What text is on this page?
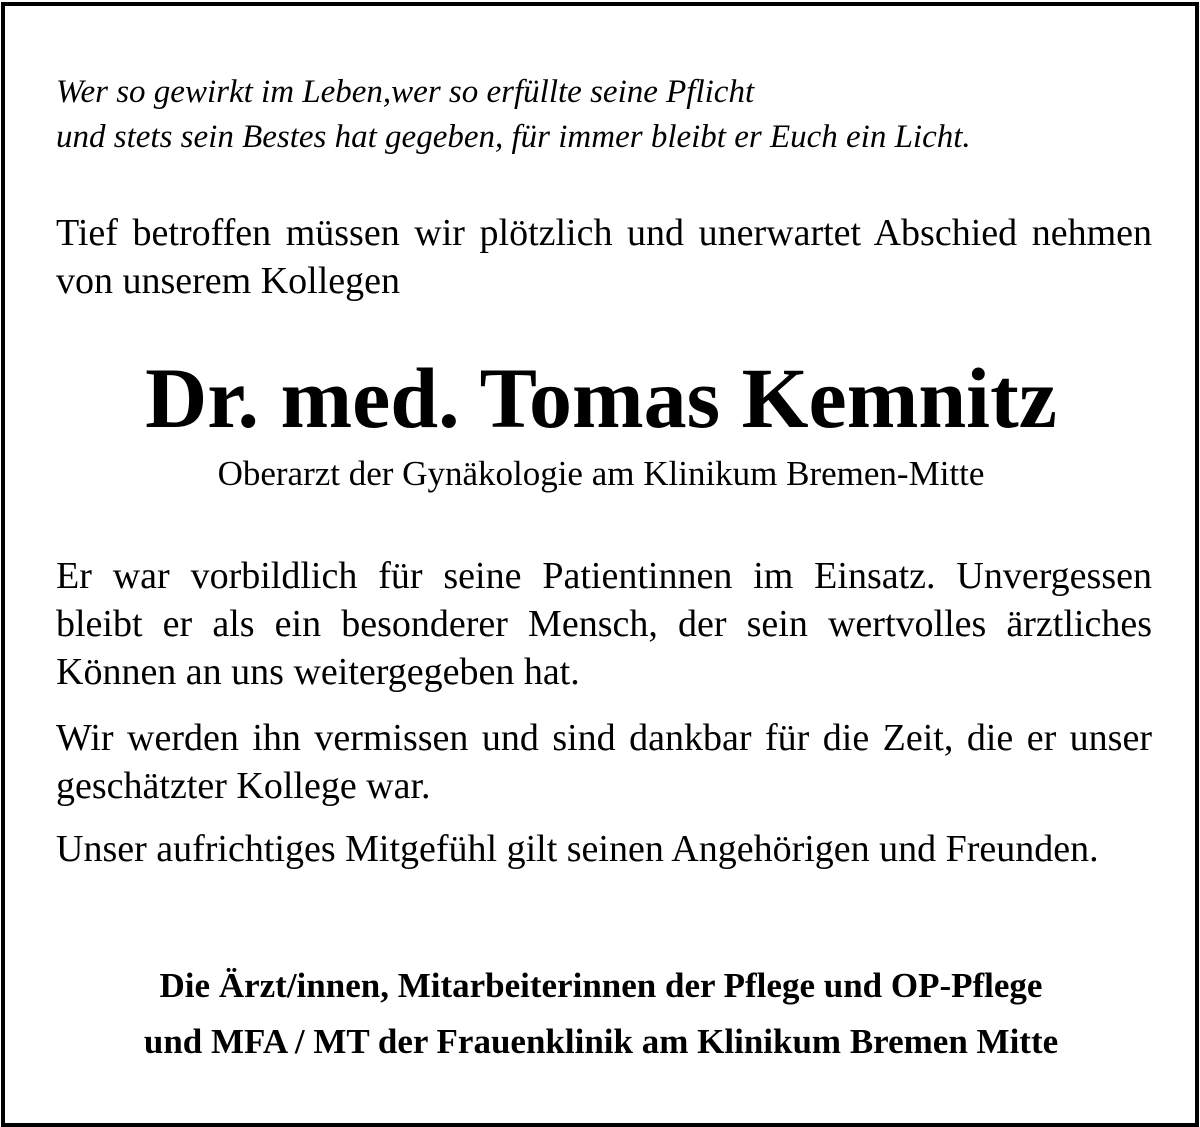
Wer so gewirkt im Leben,wer so erfüllte seine Pflicht
und stets sein Bestes hat gegeben, für immer bleibt er Euch ein Licht.
Tief betroffen müssen wir plötzlich und unerwartet Abschied nehmen von unserem Kollegen
Dr. med. Tomas Kemnitz
Oberarzt der Gynäkologie am Klinikum Bremen-Mitte
Er war vorbildlich für seine Patientinnen im Einsatz. Unvergessen bleibt er als ein besonderer Mensch, der sein wertvolles ärztliches Können an uns weitergegeben hat.
Wir werden ihn vermissen und sind dankbar für die Zeit, die er unser geschätzter Kollege war.
Unser aufrichtiges Mitgefühl gilt seinen Angehörigen und Freunden.
Die Ärzt/innen, Mitarbeiterinnen der Pflege und OP-Pflege
und MFA / MT der Frauenklinik am Klinikum Bremen Mitte
